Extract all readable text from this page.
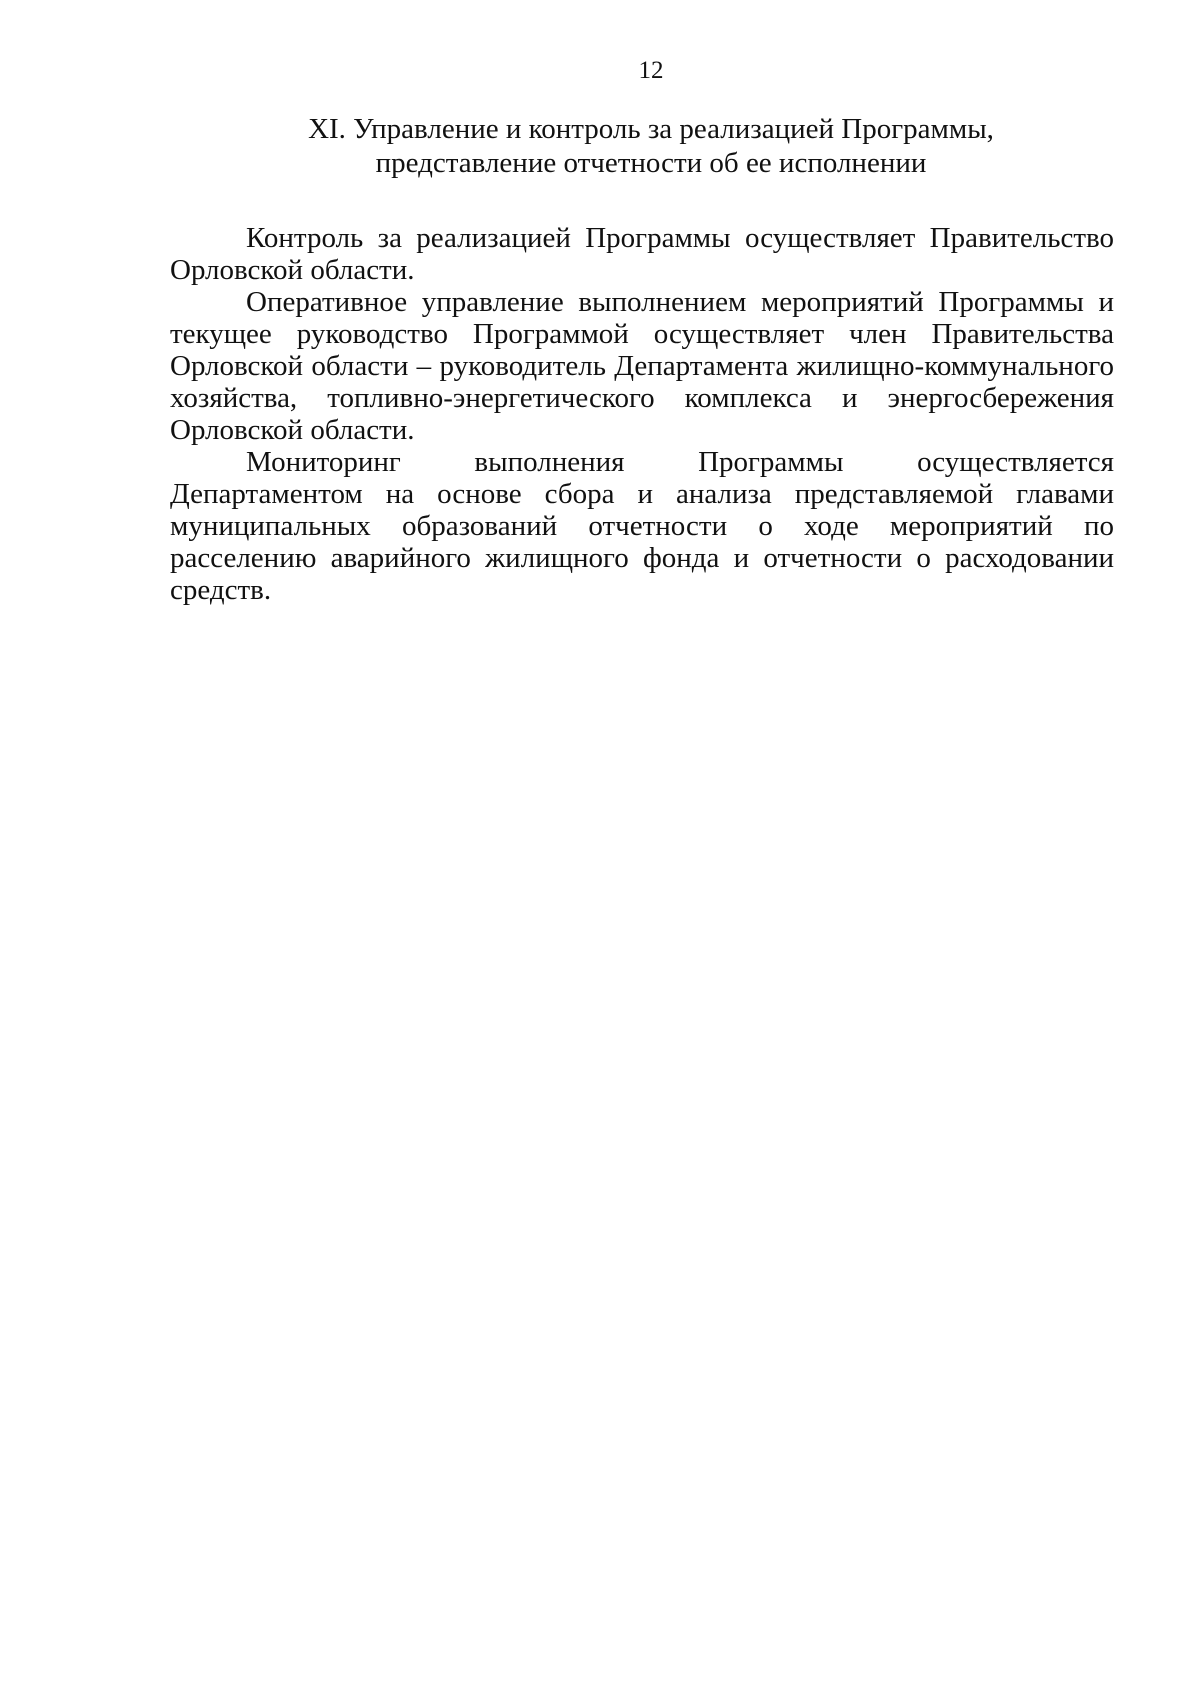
12
XI. Управление и контроль за реализацией Программы,
представление отчетности об ее исполнении

Контроль за реализацией Программы осуществляет Правительство Орловской области.

Оперативное управление выполнением мероприятий Программы и текущее руководство Программой осуществляет член Правительства Орловской области – руководитель Департамента жилищно-коммунального хозяйства, топливно-энергетического комплекса и энергосбережения Орловской области.

Мониторинг выполнения Программы осуществляется Департаментом на основе сбора и анализа представляемой главами муниципальных образований отчетности о ходе мероприятий по расселению аварийного жилищного фонда и отчетности о расходовании средств.
